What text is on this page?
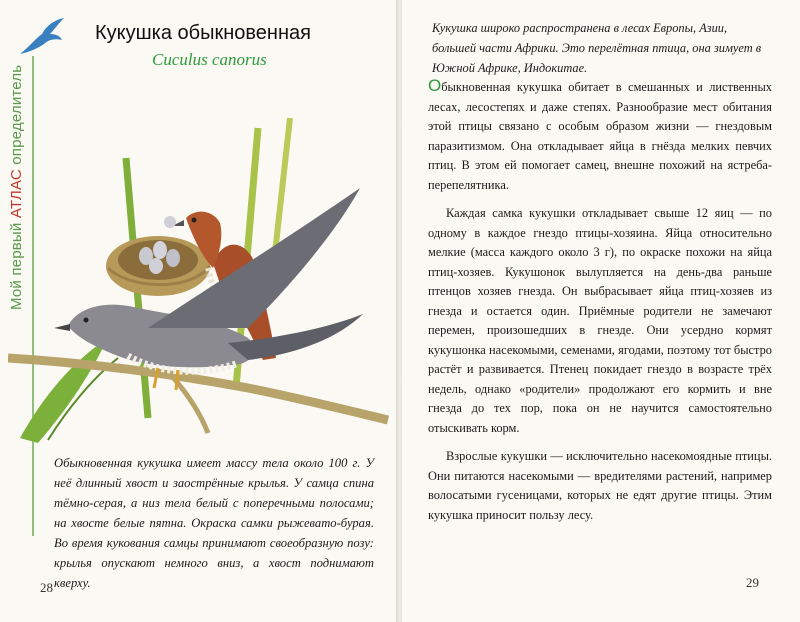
Мой первый АТЛАС определитель
Кукушка обыкновенная
Cuculus canorus
Обыкновенная кукушка имеет массу тела около 100 г. У неё длинный хвост и заострённые крылья. У самца спина тёмно-серая, а низ тела белый с поперечными полосами; на хвосте белые пятна. Окраска самки рыжевато-бурая. Во время кукования самцы принимают своеобразную позу: крылья опускают немного вниз, а хвост поднимают кверху.
28
Кукушка широко распространена в лесах Европы, Азии, большей части Африки. Это перелётная птица, она зимует в Южной Африке, Индокитае.

Обыкновенная кукушка обитает в смешанных и лиственных лесах, лесостепях и даже степях. Разнообразие мест обитания этой птицы связано с особым образом жизни — гнездовым паразитизмом. Она откладывает яйца в гнёзда мелких певчих птиц. В этом ей помогает самец, внешне похожий на ястреба-перепелятника.

Каждая самка кукушки откладывает свыше 12 яиц — по одному в каждое гнездо птицы-хозяина. Яйца относительно мелкие (масса каждого около 3 г), по окраске похожи на яйца птиц-хозяев. Кукушонок вылупляется на день-два раньше птенцов хозяев гнезда. Он выбрасывает яйца птиц-хозяев из гнезда и остается один. Приёмные родители не замечают перемен, произошедших в гнезде. Они усердно кормят кукушонка насекомыми, семенами, ягодами, поэтому тот быстро растёт и развивается. Птенец покидает гнездо в возрасте трёх недель, однако «родители» продолжают его кормить и вне гнезда до тех пор, пока он не научится самостоятельно отыскивать корм.

Взрослые кукушки — исключительно насекомоядные птицы. Они питаются насекомыми — вредителями растений, например волосатыми гусеницами, которых не едят другие птицы. Этим кукушка приносит пользу лесу.

29
